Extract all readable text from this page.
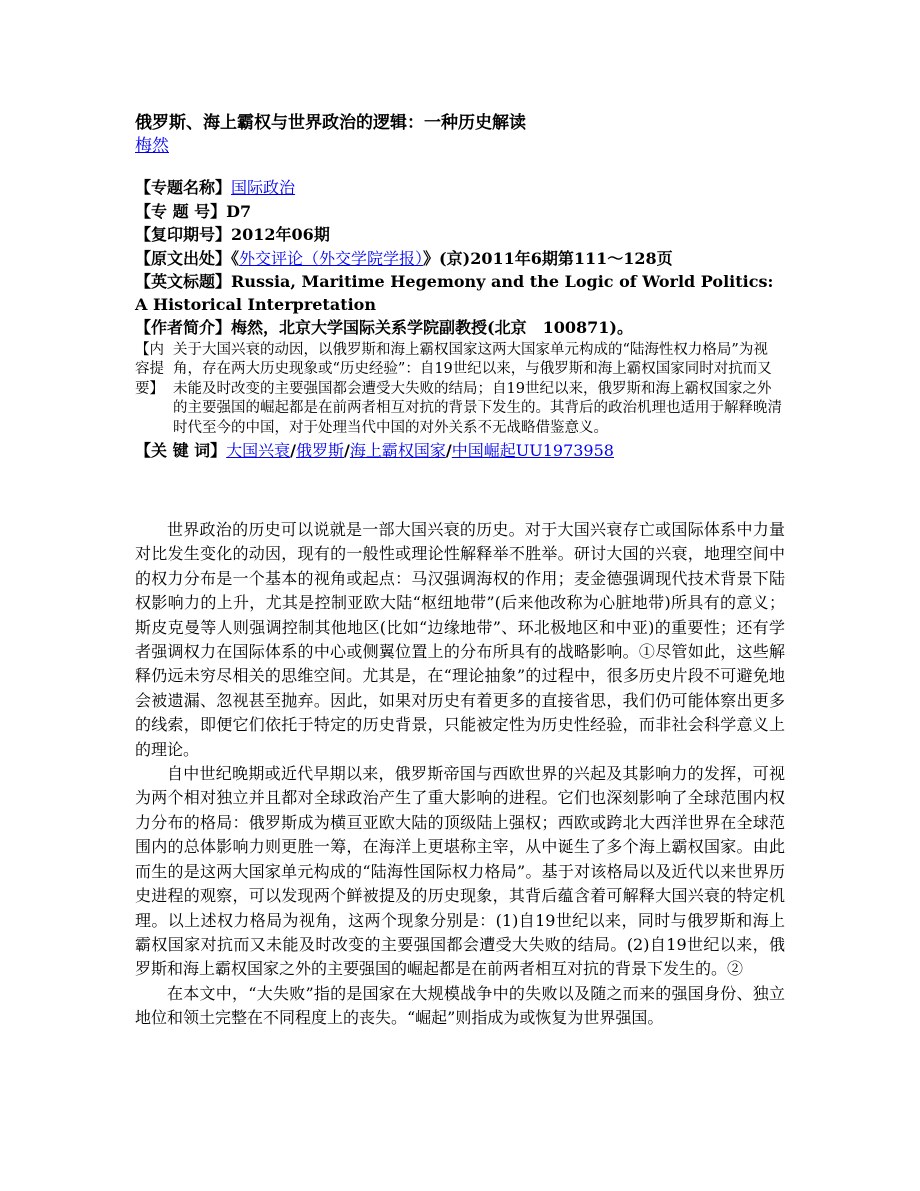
俄罗斯、海上霸权与世界政治的逻辑：一种历史解读
梅然
【专题名称】国际政治
【专 题 号】D7
【复印期号】2012年06期
【原文出处】《外交评论（外交学院学报）》(京)2011年6期第111～128页
【英文标题】Russia, Maritime Hegemony and the Logic of World Politics: A Historical Interpretation
【作者简介】梅然，北京大学国际关系学院副教授(北京　100871)。
【内 容提 要】
关于大国兴衰的动因，以俄罗斯和海上霸权国家这两大国家单元构成的“陆海性权力格局”为视角，存在两大历史现象或“历史经验”：自19世纪以来，与俄罗斯和海上霸权国家同时对抗而又未能及时改变的主要强国都会遭受大失败的结局；自19世纪以来，俄罗斯和海上霸权国家之外的主要强国的崛起都是在前两者相互对抗的背景下发生的。其背后的政治机理也适用于解释晚清时代至今的中国，对于处理当代中国的对外关系不无战略借鉴意义。
【关 键 词】大国兴衰/俄罗斯/海上霸权国家/中国崛起UU1973958

世界政治的历史可以说就是一部大国兴衰的历史。对于大国兴衰存亡或国际体系中力量对比发生变化的动因，现有的一般性或理论性解释举不胜举。研讨大国的兴衰，地理空间中的权力分布是一个基本的视角或起点：马汉强调海权的作用；麦金德强调现代技术背景下陆权影响力的上升，尤其是控制亚欧大陆“枢纽地带”(后来他改称为心脏地带)所具有的意义；斯皮克曼等人则强调控制其他地区(比如“边缘地带”、环北极地区和中亚)的重要性；还有学者强调权力在国际体系的中心或侧翼位置上的分布所具有的战略影响。①尽管如此，这些解释仍远未穷尽相关的思维空间。尤其是，在“理论抽象”的过程中，很多历史片段不可避免地会被遗漏、忽视甚至抛弃。因此，如果对历史有着更多的直接省思，我们仍可能体察出更多的线索，即便它们依托于特定的历史背景，只能被定性为历史性经验，而非社会科学意义上的理论。

自中世纪晚期或近代早期以来，俄罗斯帝国与西欧世界的兴起及其影响力的发挥，可视为两个相对独立并且都对全球政治产生了重大影响的进程。它们也深刻影响了全球范围内权力分布的格局：俄罗斯成为横亘亚欧大陆的顶级陆上强权；西欧或跨北大西洋世界在全球范围内的总体影响力则更胜一筹，在海洋上更堪称主宰，从中诞生了多个海上霸权国家。由此而生的是这两大国家单元构成的“陆海性国际权力格局”。基于对该格局以及近代以来世界历史进程的观察，可以发现两个鲜被提及的历史现象，其背后蕴含着可解释大国兴衰的特定机理。以上述权力格局为视角，这两个现象分别是：(1)自19世纪以来，同时与俄罗斯和海上霸权国家对抗而又未能及时改变的主要强国都会遭受大失败的结局。(2)自19世纪以来，俄罗斯和海上霸权国家之外的主要强国的崛起都是在前两者相互对抗的背景下发生的。②

在本文中，“大失败”指的是国家在大规模战争中的失败以及随之而来的强国身份、独立地位和领土完整在不同程度上的丧失。“崛起”则指成为或恢复为世界强国。
